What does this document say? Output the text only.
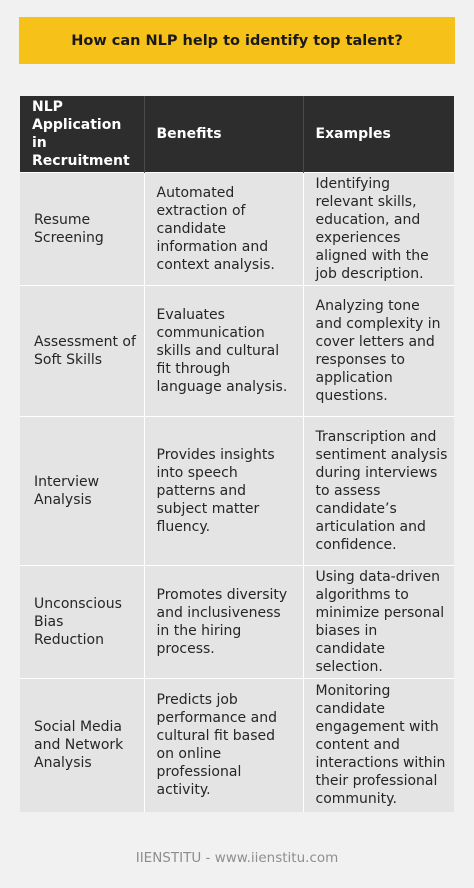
How can NLP help to identify top talent?
NLP Application in Recruitment	Benefits	Examples
Resume Screening	Automated extraction of candidate information and context analysis.	Identifying relevant skills, education, and experiences aligned with the job description.
Assessment of Soft Skills	Evaluates communication skills and cultural fit through language analysis.	Analyzing tone and complexity in cover letters and responses to application questions.
Interview Analysis	Provides insights into speech patterns and subject matter fluency.	Transcription and sentiment analysis during interviews to assess candidate’s articulation and confidence.
Unconscious Bias Reduction	Promotes diversity and inclusiveness in the hiring process.	Using data-driven algorithms to minimize personal biases in candidate selection.
Social Media and Network Analysis	Predicts job performance and cultural fit based on online professional activity.	Monitoring candidate engagement with content and interactions within their professional community.
IIENSTITU - www.iienstitu.com
